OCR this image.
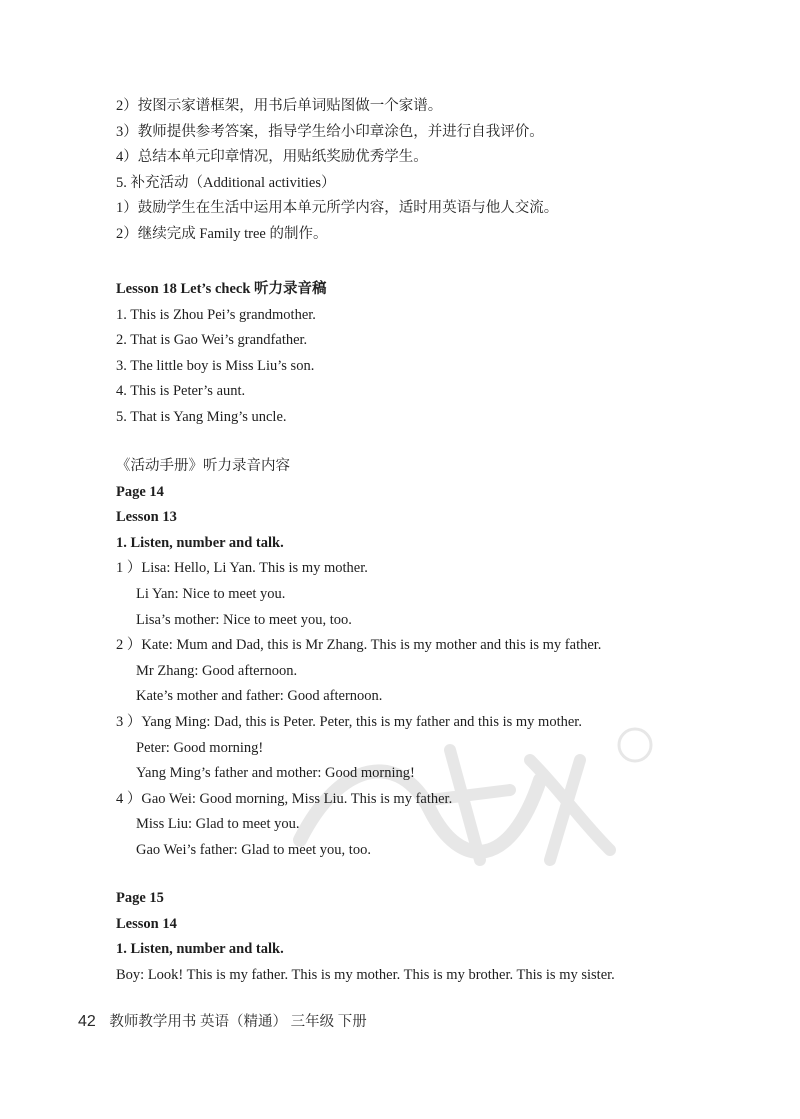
2）按图示家谱框架，用书后单词贴图做一个家谱。
3）教师提供参考答案，指导学生给小印章涂色，并进行自我评价。
4）总结本单元印章情况，用贴纸奖励优秀学生。
5. 补充活动（Additional activities）
1）鼓励学生在生活中运用本单元所学内容，适时用英语与他人交流。
2）继续完成 Family tree 的制作。
Lesson 18 Let’s check 听力录音稿
1. This is Zhou Pei’s grandmother.
2. That is Gao Wei’s grandfather.
3. The little boy is Miss Liu’s son.
4. This is Peter’s aunt.
5. That is Yang Ming’s uncle.
《活动手册》听力录音内容
Page 14
Lesson 13
1. Listen, number and talk.
1 ）Lisa: Hello, Li Yan. This is my mother.
Li Yan: Nice to meet you.
Lisa’s mother: Nice to meet you, too.
2 ）Kate: Mum and Dad, this is Mr Zhang. This is my mother and this is my father.
Mr Zhang: Good afternoon.
Kate’s mother and father: Good afternoon.
3 ）Yang Ming: Dad, this is Peter. Peter, this is my father and this is my mother.
Peter: Good morning!
Yang Ming’s father and mother: Good morning!
4 ）Gao Wei: Good morning, Miss Liu. This is my father.
Miss Liu: Glad to meet you.
Gao Wei’s father: Glad to meet you, too.
Page 15
Lesson 14
1. Listen, number and talk.
Boy: Look! This is my father. This is my mother. This is my brother. This is my sister.
42 教师教学用书 英语（精通） 三年级 下册
